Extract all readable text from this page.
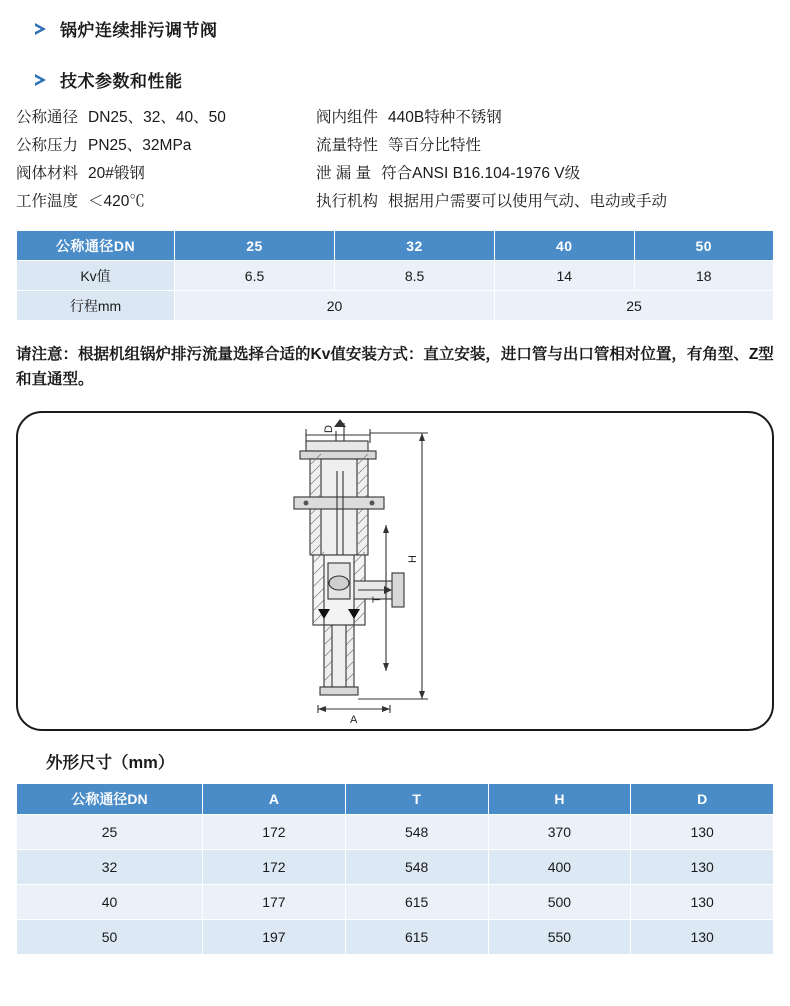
锅炉连续排污调节阀
技术参数和性能
公称通径 DN25、32、40、50	阀内组件 440B特种不锈钢
公称压力 PN25、32MPa	流量特性 等百分比特性
阀体材料 20#锻钢	泄 漏 量 符合ANSI B16.104-1976 V级
工作温度 ＜420℃	执行机构 根据用户需要可以使用气动、电动或手动
公称通径DN	25	32	40	50
Kv值	6.5	8.5	14	18
行程mm	20		25	
请注意：根据机组锅炉排污流量选择合适的Kv值安装方式：直立安装，进口管与出口管相对位置，有角型、Z型和直通型。
D
H
T
A
外形尺寸（mm）
公称通径DN	A	T	H	D
25	172	548	370	130
32	172	548	400	130
40	177	615	500	130
50	197	615	550	130
